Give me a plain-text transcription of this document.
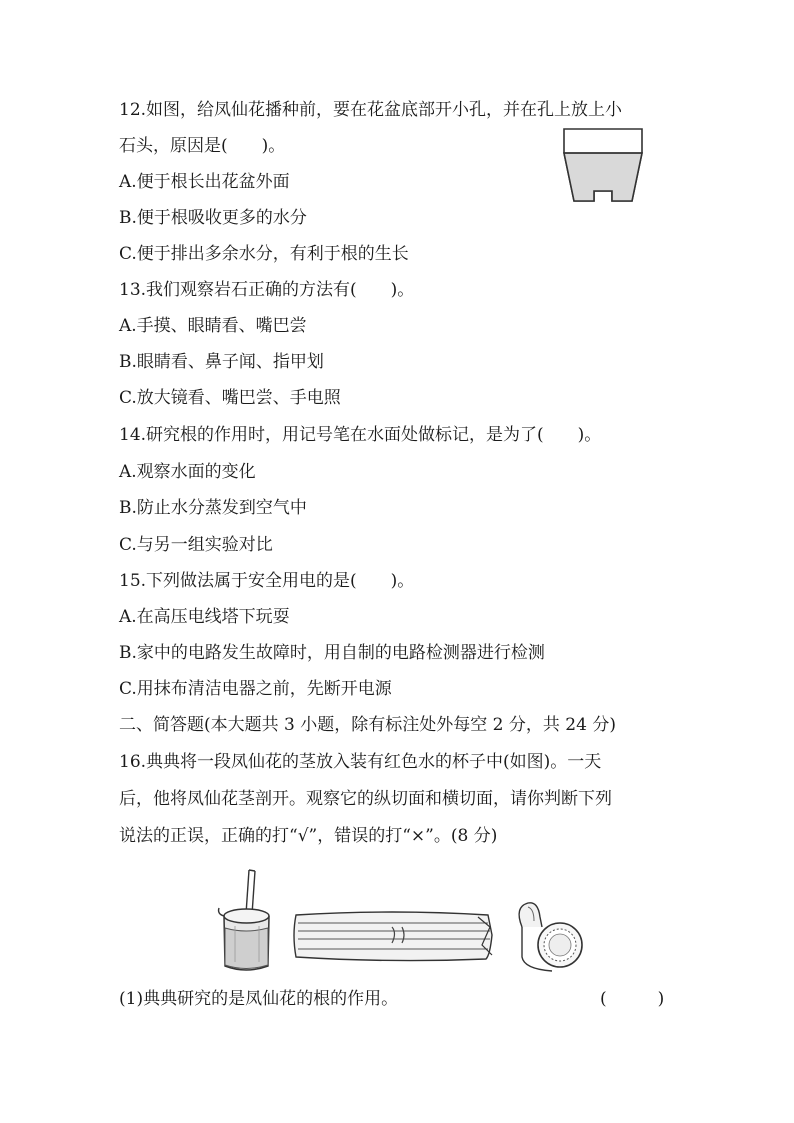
12.如图，给凤仙花播种前，要在花盆底部开小孔，并在孔上放上小
石头，原因是(　　)。
A.便于根长出花盆外面
B.便于根吸收更多的水分
C.便于排出多余水分，有利于根的生长
13.我们观察岩石正确的方法有(　　)。
A.手摸、眼睛看、嘴巴尝
B.眼睛看、鼻子闻、指甲划
C.放大镜看、嘴巴尝、手电照
14.研究根的作用时，用记号笔在水面处做标记，是为了(　　)。
A.观察水面的变化
B.防止水分蒸发到空气中
C.与另一组实验对比
15.下列做法属于安全用电的是(　　)。
A.在高压电线塔下玩耍
B.家中的电路发生故障时，用自制的电路检测器进行检测
C.用抹布清洁电器之前，先断开电源
二、简答题(本大题共 3 小题，除有标注处外每空 2 分，共 24 分)
16.典典将一段凤仙花的茎放入装有红色水的杯子中(如图)。一天
后，他将凤仙花茎剖开。观察它的纵切面和横切面，请你判断下列
说法的正误，正确的打“√”，错误的打“×”。(8 分)
(1)典典研究的是凤仙花的根的作用。	(　　　)
